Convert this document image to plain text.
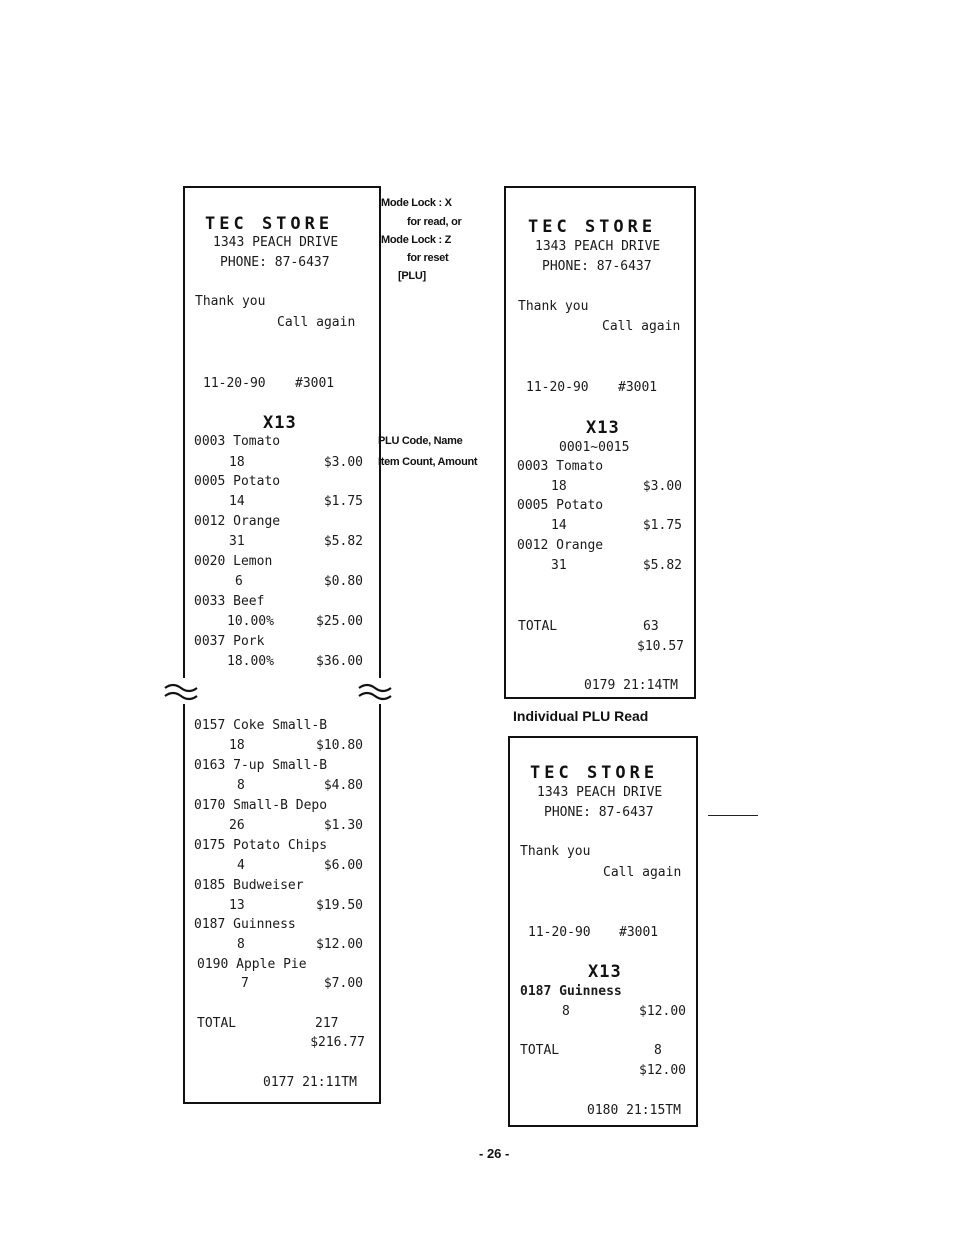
TEC STORE
1343 PEACH DRIVE
PHONE: 87-6437
Thank you
Call again
11-20-90 #3001
X13
0003 Tomato
18	$3.00
0005 Potato
14	$1.75
0012 Orange
31	$5.82
0020 Lemon
6	$0.80
0033 Beef
10.00%	$25.00
0037 Pork
18.00%	$36.00
0157 Coke Small-B
18	$10.80
0163 7-up Small-B
8	$4.80
0170 Small-B Depo
26	$1.30
0175 Potato Chips
4	$6.00
0185 Budweiser
13	$19.50
0187 Guinness
8	$12.00
0190 Apple Pie
7	$7.00
TOTAL	217
$216.77
0177 21:11TM
Mode Lock : X
for read, or
Mode Lock : Z
for reset
[PLU]
PLU Code, Name
Item Count, Amount
TEC STORE
1343 PEACH DRIVE
PHONE: 87-6437
Thank you
Call again
11-20-90 #3001
X13
0001~0015
0003 Tomato
18	$3.00
0005 Potato
14	$1.75
0012 Orange
31	$5.82
TOTAL	63
$10.57
0179 21:14TM
Individual PLU Read
TEC STORE
1343 PEACH DRIVE
PHONE: 87-6437
Thank you
Call again
11-20-90 #3001
X13
0187 Guinness
8	$12.00
TOTAL	8
$12.00
0180 21:15TM
- 26 -
